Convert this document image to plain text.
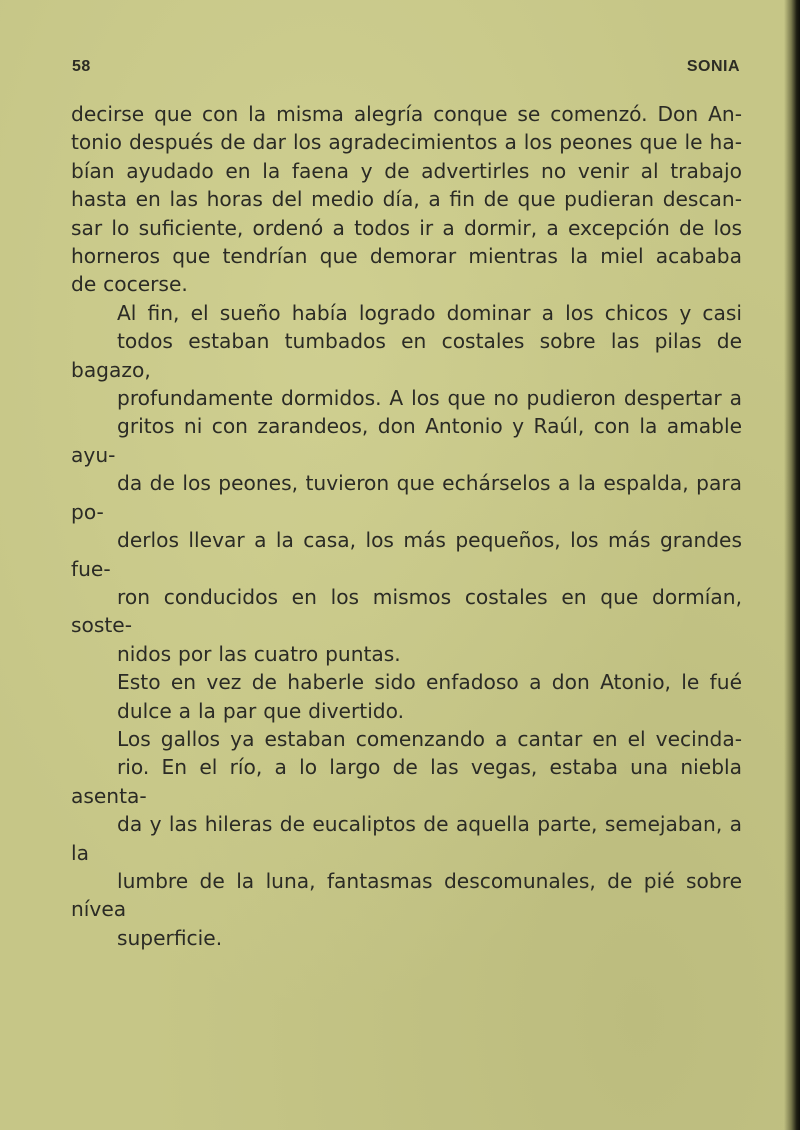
58	SONIA

decirse que con la misma alegría conque se comenzó. Don An-
tonio después de dar los agradecimientos a los peones que le ha-
bían ayudado en la faena y de advertirles no venir al trabajo
hasta en las horas del medio día, a fin de que pudieran descan-
sar lo suficiente, ordenó a todos ir a dormir, a excepción de los
horneros que tendrían que demorar mientras la miel acababa
de cocerse.

Al fin, el sueño había logrado dominar a los chicos y casi
todos estaban tumbados en costales sobre las pilas de bagazo,
profundamente dormidos. A los que no pudieron despertar a
gritos ni con zarandeos, don Antonio y Raúl, con la amable ayu-
da de los peones, tuvieron que echárselos a la espalda, para po-
derlos llevar a la casa, los más pequeños, los más grandes fue-
ron conducidos en los mismos costales en que dormían, soste-
nidos por las cuatro puntas.

Esto en vez de haberle sido enfadoso a don Atonio, le fué
dulce a la par que divertido.

Los gallos ya estaban comenzando a cantar en el vecinda-
rio. En el río, a lo largo de las vegas, estaba una niebla asenta-
da y las hileras de eucaliptos de aquella parte, semejaban, a la
lumbre de la luna, fantasmas descomunales, de pié sobre nívea
superficie.
